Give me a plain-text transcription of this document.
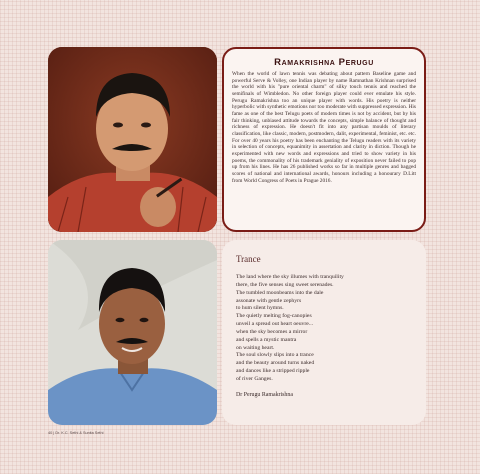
Ramakrishna Perugu

When the world of lawn tennis was debating about pattern Baseline game and powerful Serve & Volley, one Indian player by name Ramnathan Krishnan surprised the world with his "pure oriental charm" of silky touch tennis and reached the semifinals of Wimbledon. No other foreign player could ever emulate his style. Perugu Ramakrishna too an unique player with words. His poetry is neither hyperbolic with synthetic emotions nor too moderate with suppressed expression. His fame as one of the best Telugu poets of modern times is not by accident, but by his fair thinking, unbiased attitude towards the concepts, simple balance of thought and richness of expression. He doesn't fit into any partisan moulds of literary classification, like classic, modern, postmodern, dalit, experimental, feminist, etc. etc. For over 40 years his poetry has been enchanting the Telugu readers with its variety in selection of concepts, equanimity in assertation and clarity in diction. Though he experimented with new words and expressions and tried to show variety in his poems, the commonality of his trademark geniality of exposition never failed to pop up from his lines. He has 26 published works so far in multiple genres and bagged scores of national and international awards, honours including a honourary D.Litt from World Congress of Poets in Prague 2016.

Trance
The land where the sky illumes with tranquility
there, the five senses sing sweet serenades.
The tumbled moonbeams into the dale
assonate with gentle zephyrs
to hum silent hymns.
The quietly melting fog-canopies
unveil a spread out heart oeuvre...
when the sky becomes a mirror
and spells a mystic mantra
on waiting heart.
The soul slowly slips into a trance
and the beauty around turns naked
and dances like a stripped ripple
of river Ganges.
Dr Perugu Ramakrishna
40 | Dr. K.C. Sethi & Sunita Sethi
